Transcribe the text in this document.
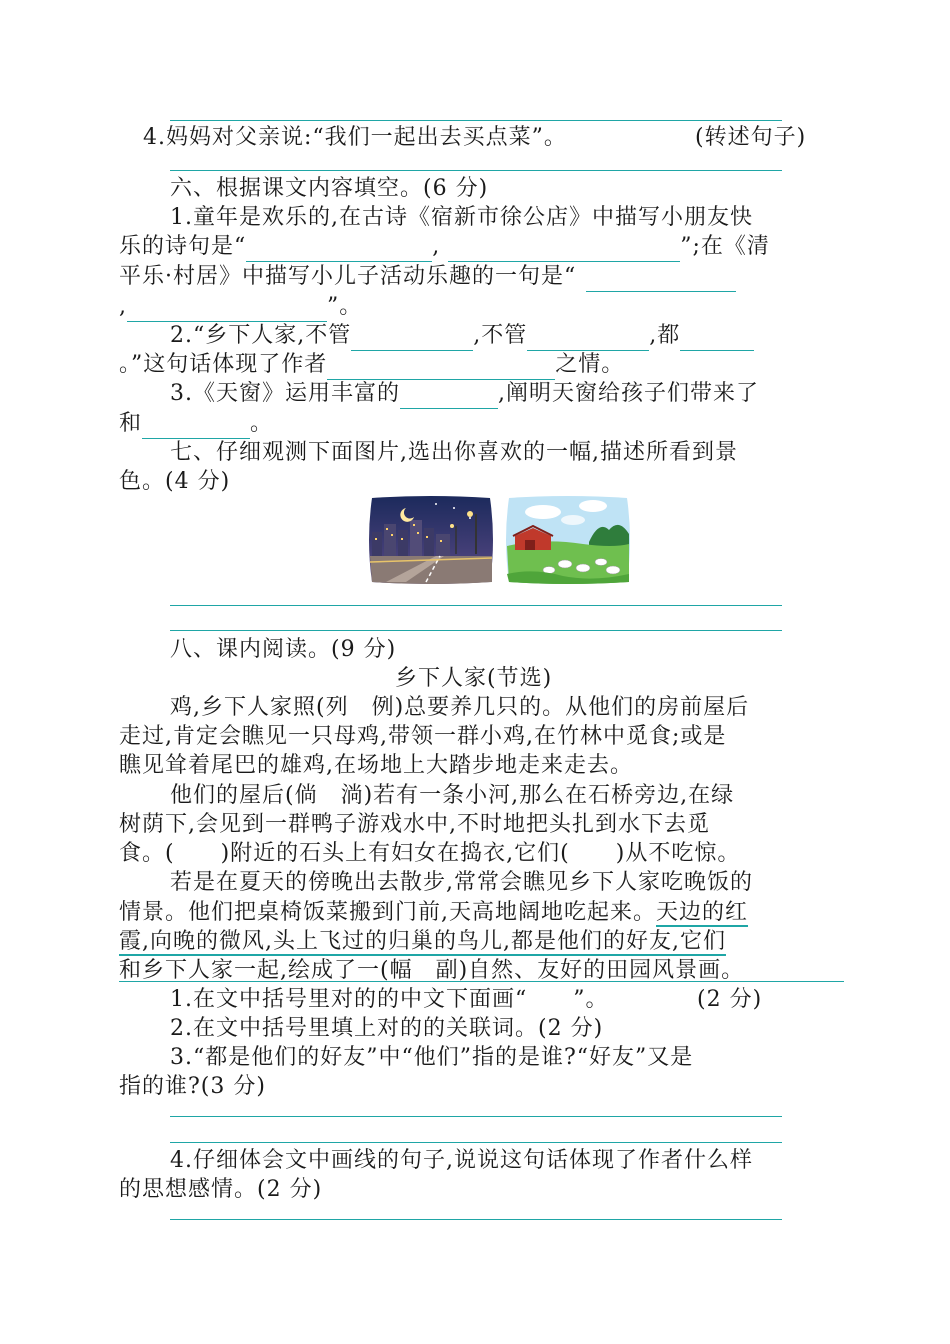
4.妈妈对父亲说:“我们一起出去买点菜”。	(转述句子)
六、根据课文内容填空。(6 分)
1.童年是欢乐的,在古诗《宿新市徐公店》中描写小朋友快
乐的诗句是“	,	”;在《清
平乐·村居》中描写小儿子活动乐趣的一句是“
,	”。
2.“乡下人家,不管	,不管	,都
。”这句话体现了作者	之情。
3.《天窗》运用丰富的	,阐明天窗给孩子们带来了
和	。
七、仔细观测下面图片,选出你喜欢的一幅,描述所看到景
色。(4 分)
八、课内阅读。(9 分)
乡下人家(节选)
鸡,乡下人家照(列　例)总要养几只的。从他们的房前屋后
走过,肯定会瞧见一只母鸡,带领一群小鸡,在竹林中觅食;或是
瞧见耸着尾巴的雄鸡,在场地上大踏步地走来走去。
他们的屋后(倘　淌)若有一条小河,那么在石桥旁边,在绿
树荫下,会见到一群鸭子游戏水中,不时地把头扎到水下去觅
食。(　　)附近的石头上有妇女在捣衣,它们(　　)从不吃惊。
若是在夏天的傍晚出去散步,常常会瞧见乡下人家吃晚饭的
情景。他们把桌椅饭菜搬到门前,天高地阔地吃起来。天边的红
霞,向晚的微风,头上飞过的归巢的鸟儿,都是他们的好友,它们
和乡下人家一起,绘成了一(幅　副)自然、友好的田园风景画。
1.在文中括号里对的的中文下面画“　　”。	(2 分)
2.在文中括号里填上对的的关联词。(2 分)
3.“都是他们的好友”中“他们”指的是谁?“好友”又是
指的谁?(3 分)
4.仔细体会文中画线的句子,说说这句话体现了作者什么样
的思想感情。(2 分)
